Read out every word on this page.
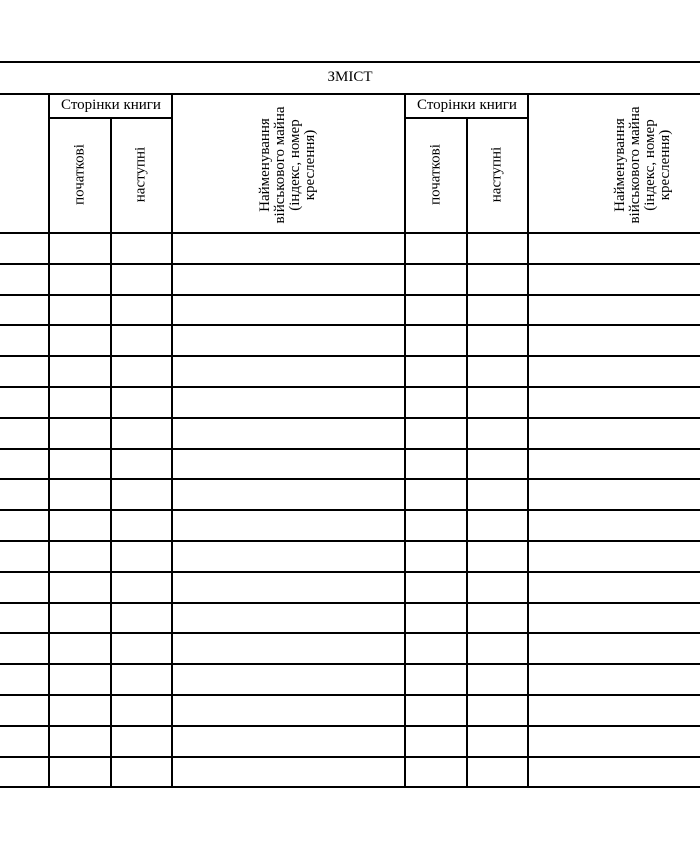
ЗМІСТ
Сторінки книги
початкові	наступні	Найменування
військового майна
(індекс, номер
креслення)
Сторінки книги
початкові	наступні	Найменування
військового майна
(індекс, номер
креслення)
